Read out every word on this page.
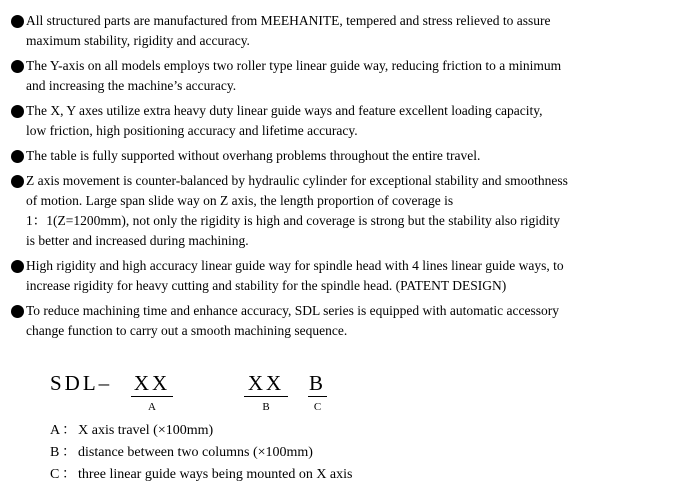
All structured parts are manufactured from MEEHANITE, tempered and stress relieved to assure
maximum stability, rigidity and accuracy.
The Y-axis on all models employs two roller type linear guide way, reducing friction to a minimum
and increasing the machine’s accuracy.
The X, Y axes utilize extra heavy duty linear guide ways and feature excellent loading capacity,
low friction, high positioning accuracy and lifetime accuracy.
The table is fully supported without overhang problems throughout the entire travel.
Z axis movement is counter-balanced by hydraulic cylinder for exceptional stability and smoothness
of motion. Large span slide way on Z axis, the length proportion of coverage is
1：1(Z=1200mm), not only the rigidity is high and coverage is strong but the stability also rigidity
is better and increased during machining.
High rigidity and high accuracy linear guide way for spindle head with 4 lines linear guide ways, to
increase rigidity for heavy cutting and stability for the spindle head. (PATENT DESIGN)
To reduce machining time and enhance accuracy, SDL series is equipped with automatic accessory
change function to carry out a smooth machining sequence.
SDL– XX	XX B
A	B	C
A ： X axis travel (×100mm)
B ： distance between two columns (×100mm)
C ： three linear guide ways being mounted on X axis
